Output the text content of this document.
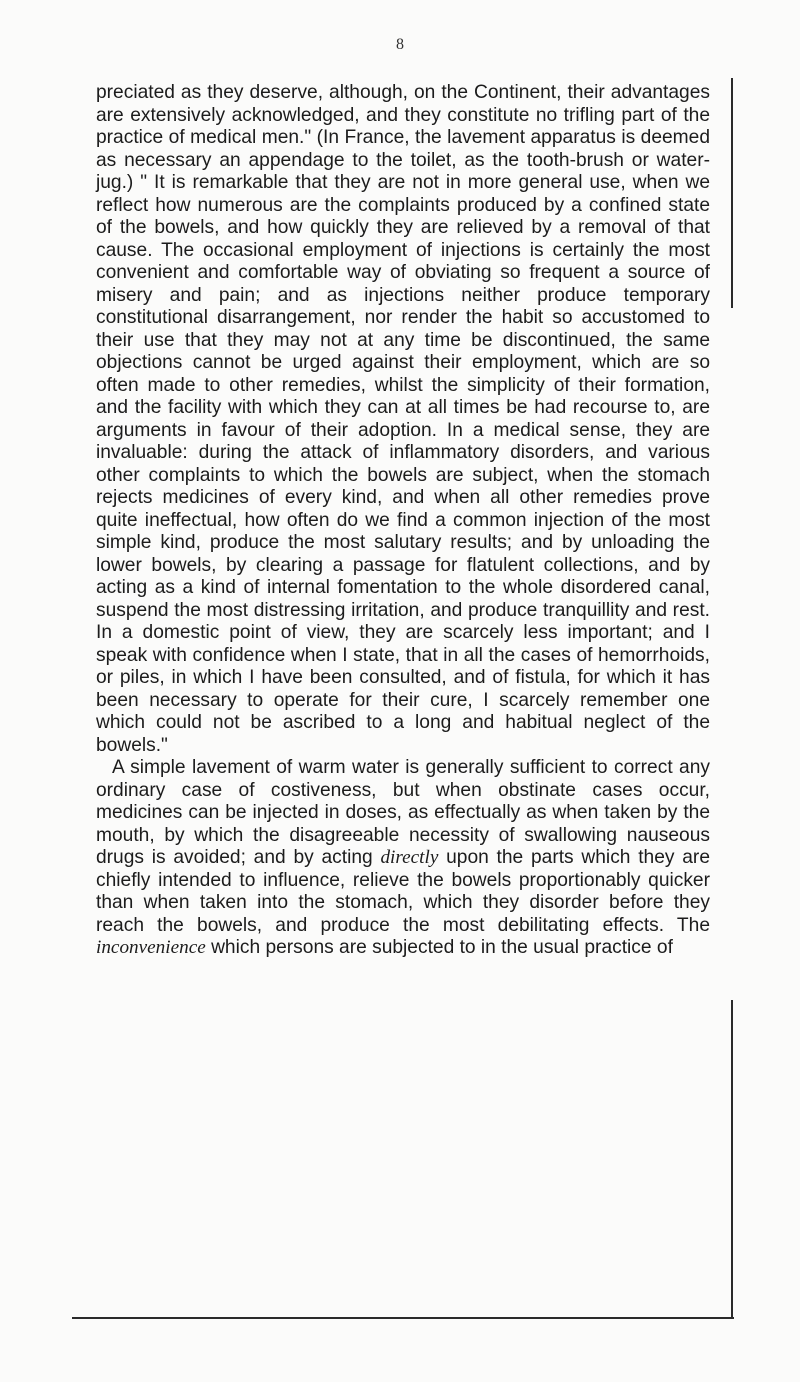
8

preciated as they deserve, although, on the Continent, their advantages are extensively acknowledged, and they constitute no trifling part of the practice of medical men." (In France, the lavement apparatus is deemed as necessary an appendage to the toilet, as the tooth-brush or water-jug.) " It is remarkable that they are not in more general use, when we reflect how numerous are the complaints produced by a confined state of the bowels, and how quickly they are relieved by a removal of that cause. The occasional employment of injections is certainly the most convenient and comfortable way of obviating so frequent a source of misery and pain; and as injections neither produce temporary constitutional disarrangement, nor render the habit so accustomed to their use that they may not at any time be discontinued, the same objections cannot be urged against their employment, which are so often made to other remedies, whilst the simplicity of their formation, and the facility with which they can at all times be had recourse to, are arguments in favour of their adoption. In a medical sense, they are invaluable: during the attack of inflammatory disorders, and various other complaints to which the bowels are subject, when the stomach rejects medicines of every kind, and when all other remedies prove quite ineffectual, how often do we find a common injection of the most simple kind, produce the most salutary results; and by unloading the lower bowels, by clearing a passage for flatulent collections, and by acting as a kind of internal fomentation to the whole disordered canal, suspend the most distressing irritation, and produce tranquillity and rest. In a domestic point of view, they are scarcely less important; and I speak with confidence when I state, that in all the cases of hemorrhoids, or piles, in which I have been consulted, and of fistula, for which it has been necessary to operate for their cure, I scarcely remember one which could not be ascribed to a long and habitual neglect of the bowels."

A simple lavement of warm water is generally sufficient to correct any ordinary case of costiveness, but when obstinate cases occur, medicines can be injected in doses, as effectually as when taken by the mouth, by which the disagreeable necessity of swallowing nauseous drugs is avoided; and by acting directly upon the parts which they are chiefly intended to influence, relieve the bowels proportionably quicker than when taken into the stomach, which they disorder before they reach the bowels, and produce the most debilitating effects. The inconvenience which persons are subjected to in the usual practice of
